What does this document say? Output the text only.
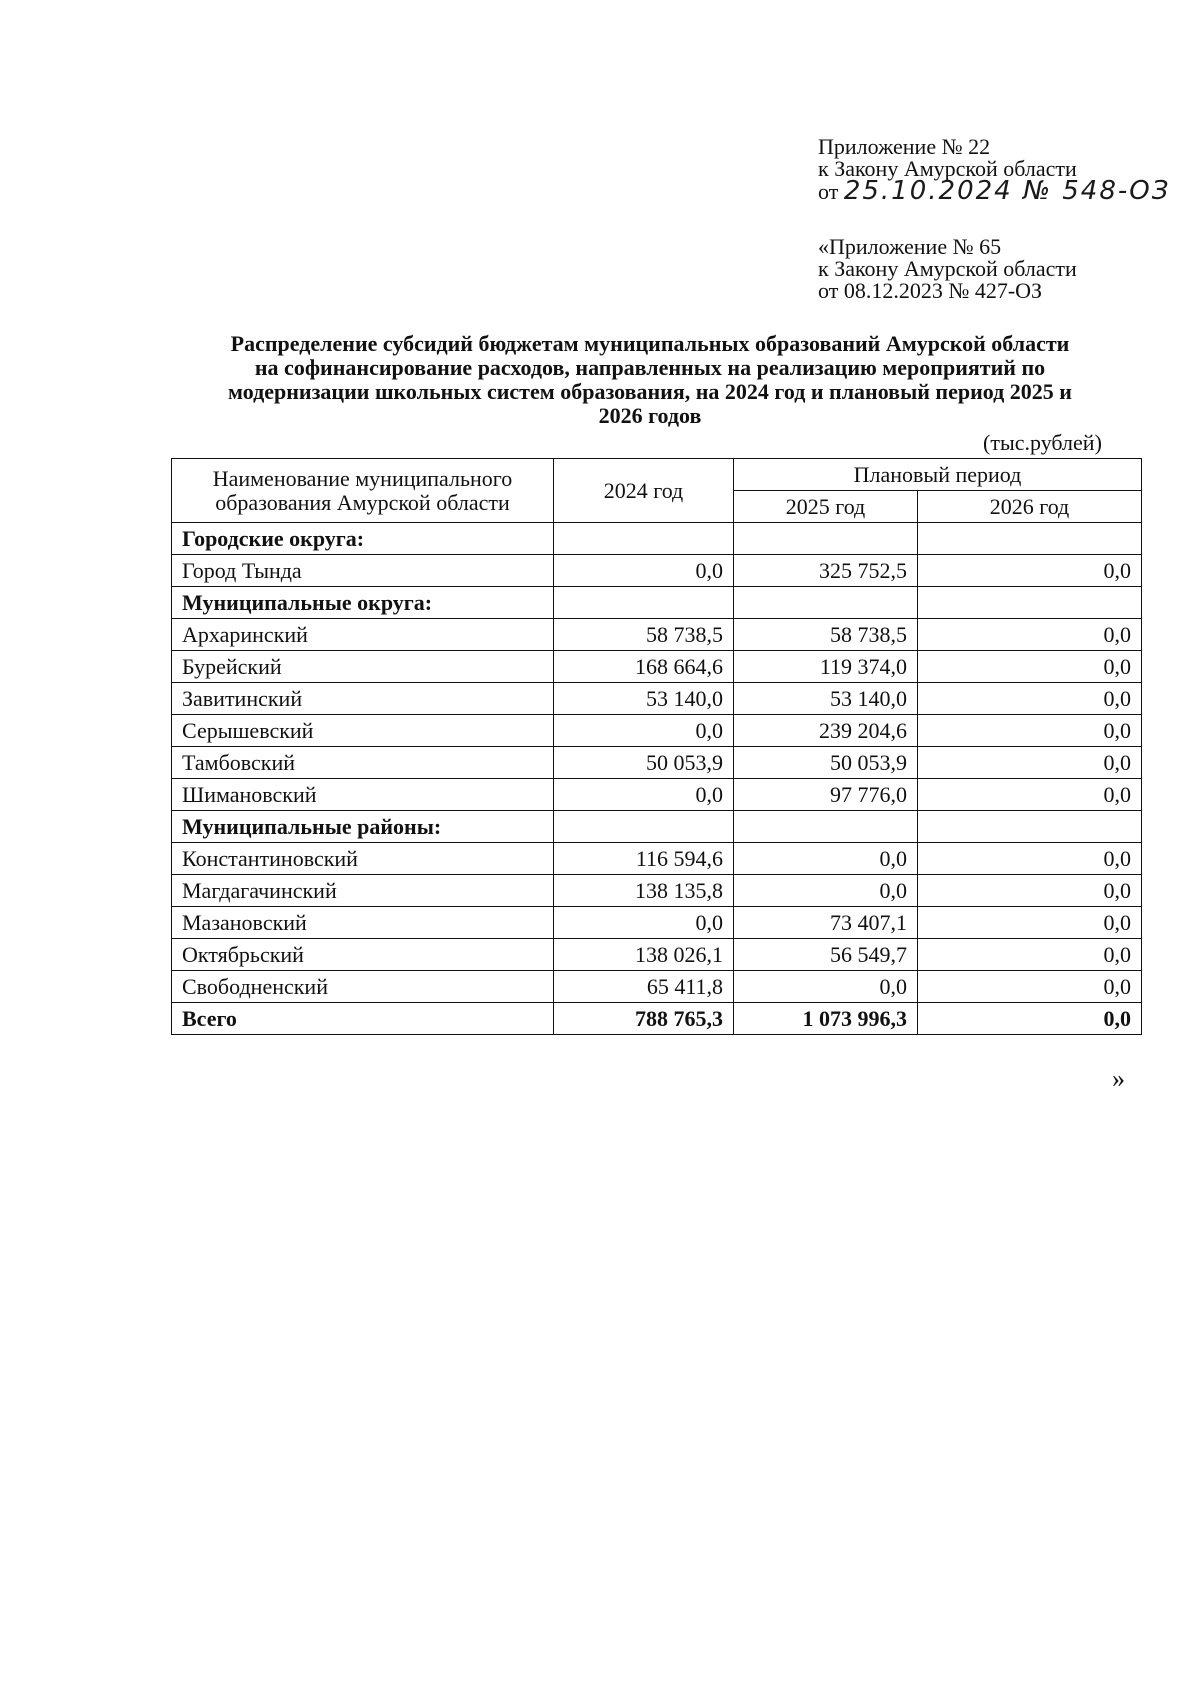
Приложение № 22
к Закону Амурской области
от 25.10.2024 № 548-ОЗ
«Приложение № 65
к Закону Амурской области
от 08.12.2023 № 427-ОЗ
Распределение субсидий бюджетам муниципальных образований Амурской области
на софинансирование расходов, направленных на реализацию мероприятий по
модернизации школьных систем образования, на 2024 год и плановый период 2025 и
2026 годов
(тыс.рублей)
Наименование муниципального
образования Амурской области	2024 год	Плановый период	
		2025 год	2026 год
Городские округа:			
Город Тында	0,0	325 752,5	0,0
Муниципальные округа:			
Архаринский	58 738,5	58 738,5	0,0
Бурейский	168 664,6	119 374,0	0,0
Завитинский	53 140,0	53 140,0	0,0
Серышевский	0,0	239 204,6	0,0
Тамбовский	50 053,9	50 053,9	0,0
Шимановский	0,0	97 776,0	0,0
Муниципальные районы:			
Константиновский	116 594,6	0,0	0,0
Магдагачинский	138 135,8	0,0	0,0
Мазановский	0,0	73 407,1	0,0
Октябрьский	138 026,1	56 549,7	0,0
Свободненский	65 411,8	0,0	0,0
Всего	788 765,3	1 073 996,3	0,0
»
